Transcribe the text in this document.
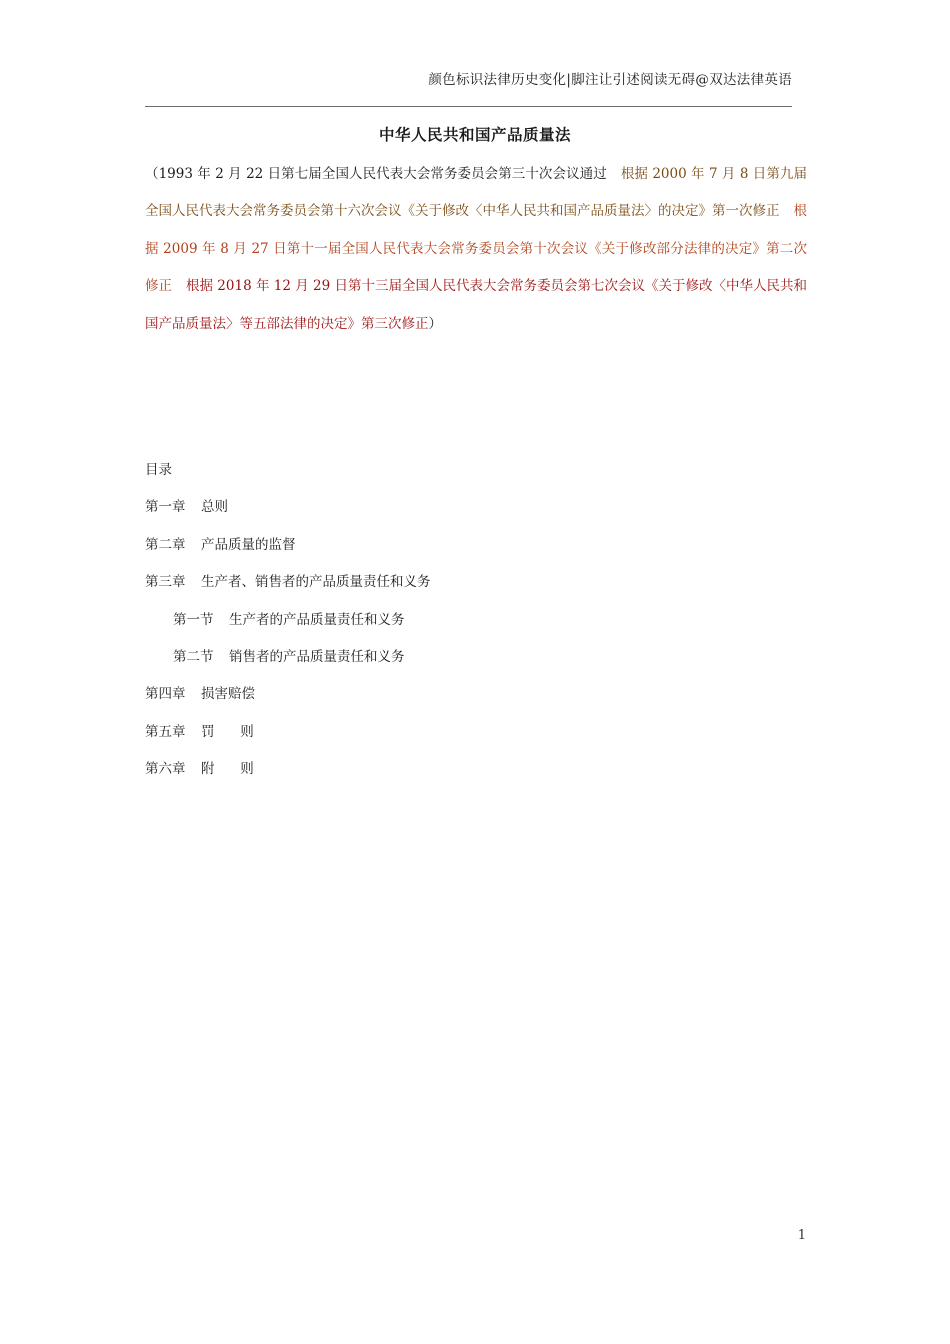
颜色标识法律历史变化|脚注让引述阅读无碍@双达法律英语
中华人民共和国产品质量法

（1993 年 2 月 22 日第七届全国人民代表大会常务委员会第三十次会议通过 根据 2000 年 7 月 8 日第九届全国人民代表大会常务委员会第十六次会议《关于修改〈中华人民共和国产品质量法〉的决定》第一次修正 根据 2009 年 8 月 27 日第十一届全国人民代表大会常务委员会第十次会议《关于修改部分法律的决定》第二次修正 根据 2018 年 12 月 29 日第十三届全国人民代表大会常务委员会第七次会议《关于修改〈中华人民共和国产品质量法〉等五部法律的决定》第三次修正）

目录
第一章 总则
第二章 产品质量的监督
第三章 生产者、销售者的产品质量责任和义务
第一节 生产者的产品质量责任和义务
第二节 销售者的产品质量责任和义务
第四章 损害赔偿
第五章 罚      则
第六章 附      则
1
